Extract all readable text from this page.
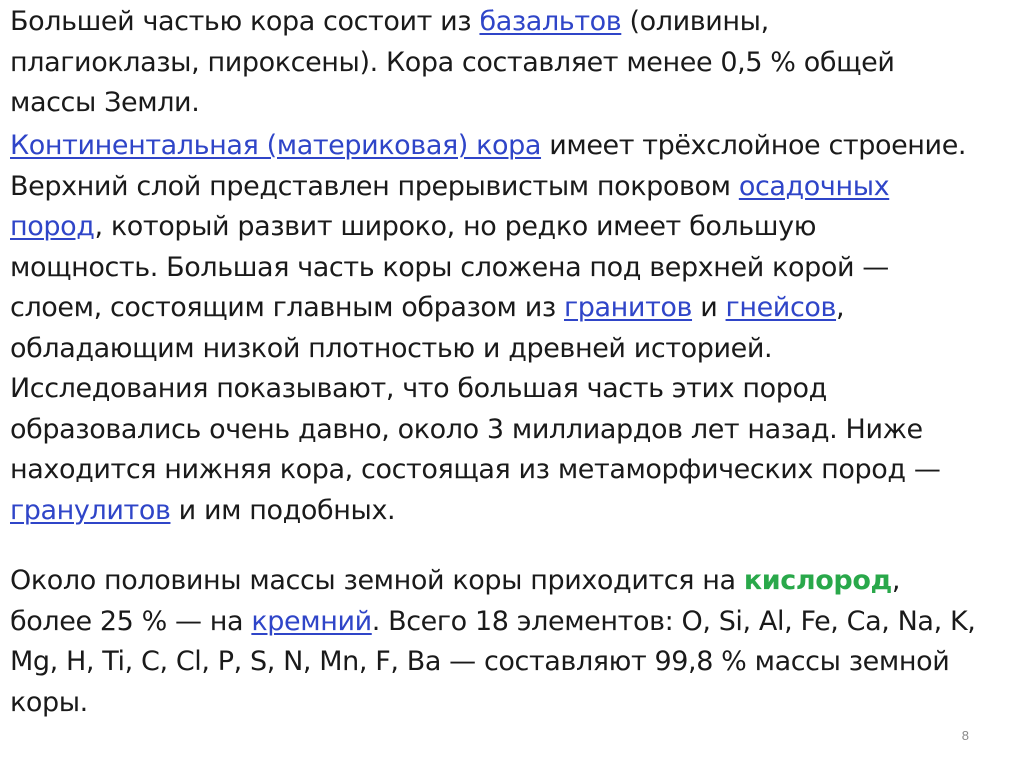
Большей частью кора состоит из базальтов (оливины,
плагиоклазы, пироксены). Кора составляет менее 0,5 % общей
массы Земли.

Континентальная (материковая) кора имеет трёхслойное строение.
Верхний слой представлен прерывистым покровом осадочных
пород, который развит широко, но редко имеет большую
мощность. Большая часть коры сложена под верхней корой —
слоем, состоящим главным образом из гранитов и гнейсов,
обладающим низкой плотностью и древней историей.
Исследования показывают, что большая часть этих пород
образовались очень давно, около 3 миллиардов лет назад. Ниже
находится нижняя кора, состоящая из метаморфических пород —
гранулитов и им подобных.

Около половины массы земной коры приходится на кислород,
более 25 % — на кремний. Всего 18 элементов: O, Si, Al, Fe, Ca, Na, K,
Mg, H, Ti, C, Cl, P, S, N, Mn, F, Ba — составляют 99,8 % массы земной
коры.

8
